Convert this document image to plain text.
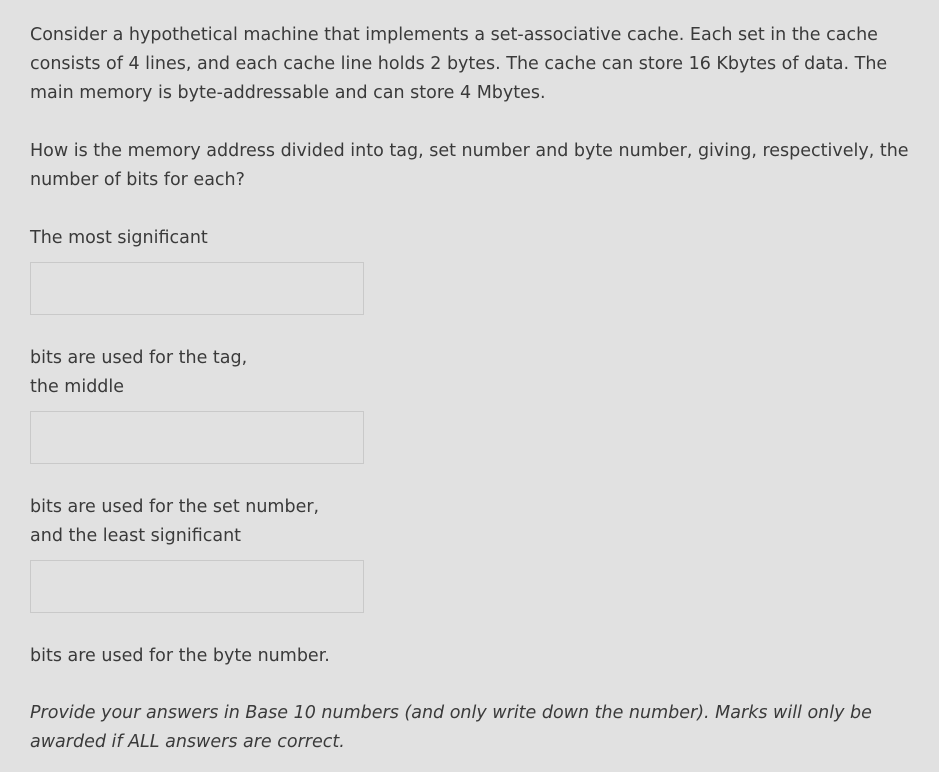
Consider a hypothetical machine that implements a set-associative cache. Each set in the cache consists of 4 lines, and each cache line holds 2 bytes. The cache can store 16 Kbytes of data. The main memory is byte-addressable and can store 4 Mbytes.

How is the memory address divided into tag, set number and byte number, giving, respectively, the number of bits for each?

The most significant

bits are used for the tag,

the middle

bits are used for the set number,

and the least significant

bits are used for the byte number.

Provide your answers in Base 10 numbers (and only write down the number). Marks will only be awarded if ALL answers are correct.
